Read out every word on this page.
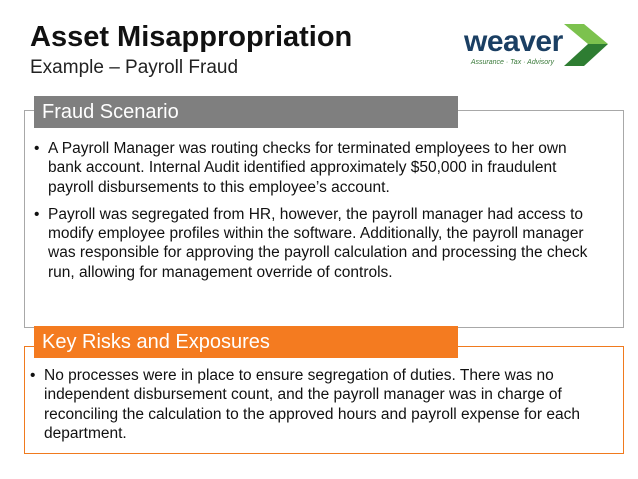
Asset Misappropriation
Example – Payroll Fraud
weaver
Assurance · Tax · Advisory
Fraud Scenario
• A Payroll Manager was routing checks for terminated employees to her own bank account. Internal Audit identified approximately $50,000 in fraudulent payroll disbursements to this employee’s account.
• Payroll was segregated from HR, however, the payroll manager had access to modify employee profiles within the software. Additionally, the payroll manager was responsible for approving the payroll calculation and processing the check run, allowing for management override of controls.
Key Risks and Exposures
• No processes were in place to ensure segregation of duties. There was no independent disbursement count, and the payroll manager was in charge of reconciling the calculation to the approved hours and payroll expense for each department.
